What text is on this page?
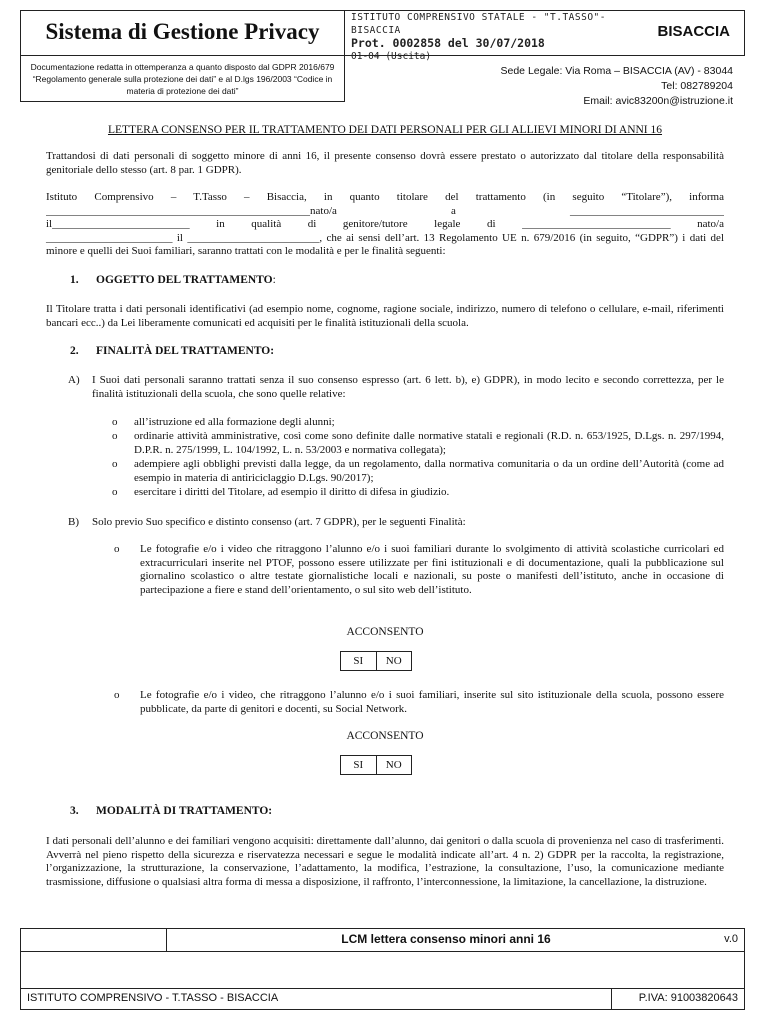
Sistema di Gestione Privacy
Documentazione redatta in ottemperanza a quanto disposto dal GDPR 2016/679 “Regolamento generale sulla protezione dei dati” e al D.lgs 196/2003 “Codice in materia di protezione dei dati”
ISTITUTO COMPRENSIVO STATALE - "T.TASSO"-BISACCIA
Prot. 0002858 del 30/07/2018
01-04 (Uscita)
BISACCIA
Sede Legale: Via Roma – BISACCIA (AV) - 83044
Tel: 082789204
Email: avic83200n@istruzione.it
LETTERA CONSENSO PER IL TRATTAMENTO DEI DATI PERSONALI PER GLI ALLIEVI MINORI DI ANNI 16
Trattandosi di dati personali di soggetto minore di anni 16, il presente consenso dovrà essere prestato o autorizzato dal titolare della responsabilità genitoriale dello stesso (art. 8 par. 1 GDPR).
Istituto Comprensivo – T.Tasso – Bisaccia, in quanto titolare del trattamento (in seguito “Titolare”), informa
________________________________________________nato/a a ____________________________
il_________________________ in qualità di genitore/tutore legale di ___________________________ nato/a
_______________________ il ________________________, che ai sensi dell’art. 13 Regolamento UE n. 679/2016 (in seguito, “GDPR”) i dati del minore e quelli dei Suoi familiari, saranno trattati con le modalità e per le finalità seguenti:
1. OGGETTO DEL TRATTAMENTO:
Il Titolare tratta i dati personali identificativi (ad esempio nome, cognome, ragione sociale, indirizzo, numero di telefono o cellulare, e-mail, riferimenti bancari ecc..) da Lei liberamente comunicati ed acquisiti per le finalità istituzionali della scuola.
2. FINALITÀ DEL TRATTAMENTO:
A) I Suoi dati personali saranno trattati senza il suo consenso espresso (art. 6 lett. b), e) GDPR), in modo lecito e secondo correttezza, per le finalità istituzionali della scuola, che sono quelle relative:
o all’istruzione ed alla formazione degli alunni;
o ordinarie attività amministrative, così come sono definite dalle normative statali e regionali (R.D. n. 653/1925, D.Lgs. n. 297/1994, D.P.R. n. 275/1999, L. 104/1992, L. n. 53/2003 e normativa collegata);
o adempiere agli obblighi previsti dalla legge, da un regolamento, dalla normativa comunitaria o da un ordine dell’Autorità (come ad esempio in materia di antiriciclaggio D.Lgs. 90/2017);
o esercitare i diritti del Titolare, ad esempio il diritto di difesa in giudizio.
B) Solo previo Suo specifico e distinto consenso (art. 7 GDPR), per le seguenti Finalità:
o Le fotografie e/o i video che ritraggono l’alunno e/o i suoi familiari durante lo svolgimento di attività scolastiche curricolari ed extracurriculari inserite nel PTOF, possono essere utilizzate per fini istituzionali e di documentazione, quali la pubblicazione sul giornalino scolastico o altre testate giornalistiche locali e nazionali, su poste o manifesti dell’istituto, anche in occasione di partecipazione a fiere e stand dell’orientamento, o sul sito web dell’istituto.
ACCONSENTO
SI	NO
o Le fotografie e/o i video, che ritraggono l’alunno e/o i suoi familiari, inserite sul sito istituzionale della scuola, possono essere pubblicate, da parte di genitori e docenti, su Social Network.
ACCONSENTO
SI	NO
3. MODALITÀ DI TRATTAMENTO:
I dati personali dell’alunno e dei familiari vengono acquisiti: direttamente dall’alunno, dai genitori o dalla scuola di provenienza nel caso di trasferimenti. Avverrà nel pieno rispetto della sicurezza e riservatezza necessari e segue le modalità indicate all’art. 4 n. 2) GDPR per la raccolta, la registrazione, l’organizzazione, la strutturazione, la conservazione, l’adattamento, la modifica, l’estrazione, la consultazione, l’uso, la comunicazione mediante trasmissione, diffusione o qualsiasi altra forma di messa a disposizione, il raffronto, l’interconnessione, la limitazione, la cancellazione, la distruzione.
LCM lettera consenso minori anni 16	v.0
ISTITUTO COMPRENSIVO - T.TASSO - BISACCIA	P.IVA: 91003820643
